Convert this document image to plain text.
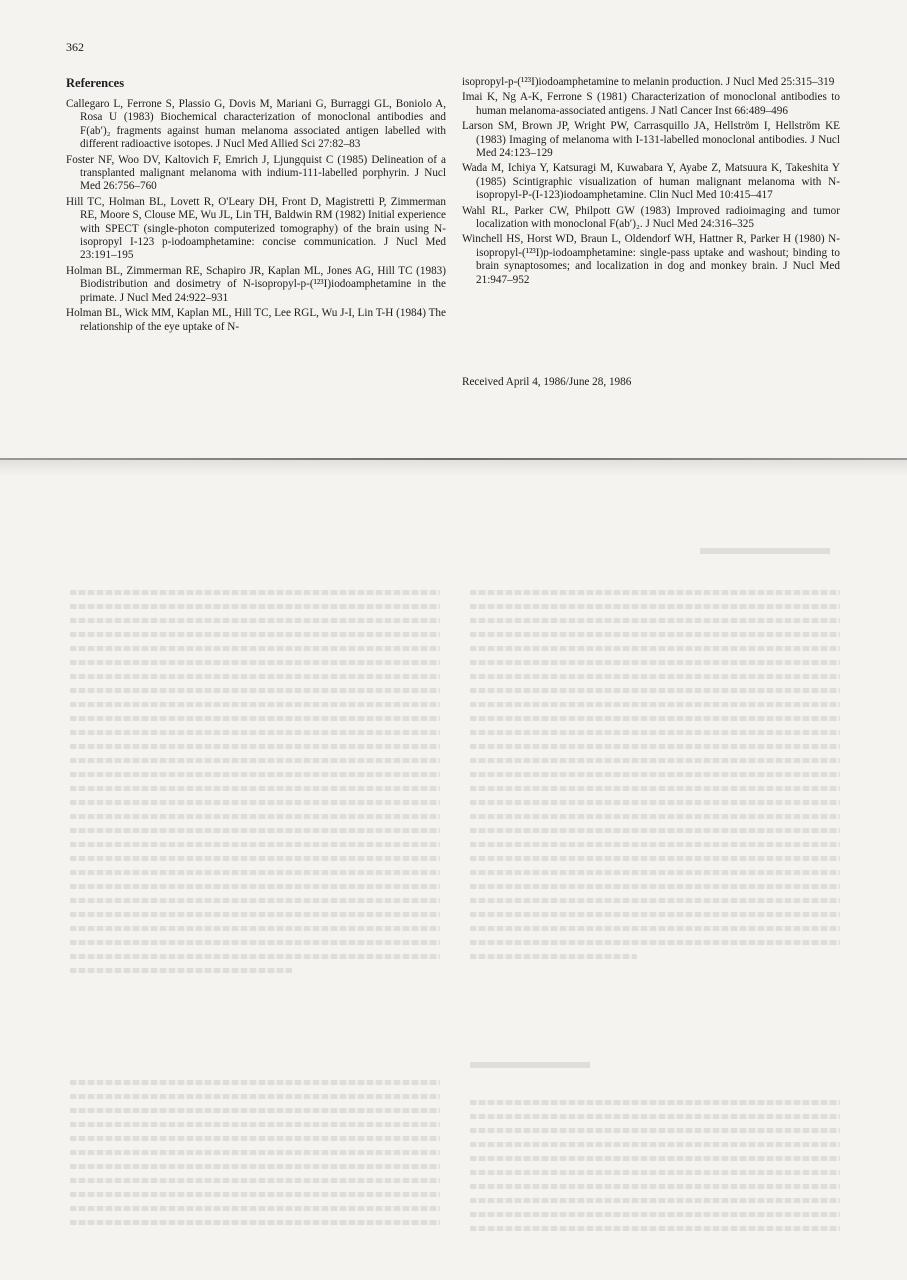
362
References

Callegaro L, Ferrone S, Plassio G, Dovis M, Mariani G, Burraggi GL, Boniolo A, Rosa U (1983) Biochemical characterization of monoclonal antibodies and F(ab′)₂ fragments against human melanoma associated antigen labelled with different radioactive isotopes. J Nucl Med Allied Sci 27:82–83

Foster NF, Woo DV, Kaltovich F, Emrich J, Ljungquist C (1985) Delineation of a transplanted malignant melanoma with indium-111-labelled porphyrin. J Nucl Med 26:756–760

Hill TC, Holman BL, Lovett R, O'Leary DH, Front D, Magistretti P, Zimmerman RE, Moore S, Clouse ME, Wu JL, Lin TH, Baldwin RM (1982) Initial experience with SPECT (single-photon computerized tomography) of the brain using N-isopropyl I-123 p-iodoamphetamine: concise communication. J Nucl Med 23:191–195

Holman BL, Zimmerman RE, Schapiro JR, Kaplan ML, Jones AG, Hill TC (1983) Biodistribution and dosimetry of N-isopropyl-p-(¹²³I)iodoamphetamine in the primate. J Nucl Med 24:922–931

Holman BL, Wick MM, Kaplan ML, Hill TC, Lee RGL, Wu J-I, Lin T-H (1984) The relationship of the eye uptake of N-

isopropyl-p-(¹²³I)iodoamphetamine to melanin production. J Nucl Med 25:315–319

Imai K, Ng A-K, Ferrone S (1981) Characterization of monoclonal antibodies to human melanoma-associated antigens. J Natl Cancer Inst 66:489–496

Larson SM, Brown JP, Wright PW, Carrasquillo JA, Hellström I, Hellström KE (1983) Imaging of melanoma with I-131-labelled monoclonal antibodies. J Nucl Med 24:123–129

Wada M, Ichiya Y, Katsuragi M, Kuwabara Y, Ayabe Z, Matsuura K, Takeshita Y (1985) Scintigraphic visualization of human malignant melanoma with N-isopropyl-P-(I-123)iodoamphetamine. Clin Nucl Med 10:415–417

Wahl RL, Parker CW, Philpott GW (1983) Improved radioimaging and tumor localization with monoclonal F(ab′)₂. J Nucl Med 24:316–325

Winchell HS, Horst WD, Braun L, Oldendorf WH, Hattner R, Parker H (1980) N-isopropyl-(¹²³I)p-iodoamphetamine: single-pass uptake and washout; binding to brain synaptosomes; and localization in dog and monkey brain. J Nucl Med 21:947–952

Received April 4, 1986/June 28, 1986
